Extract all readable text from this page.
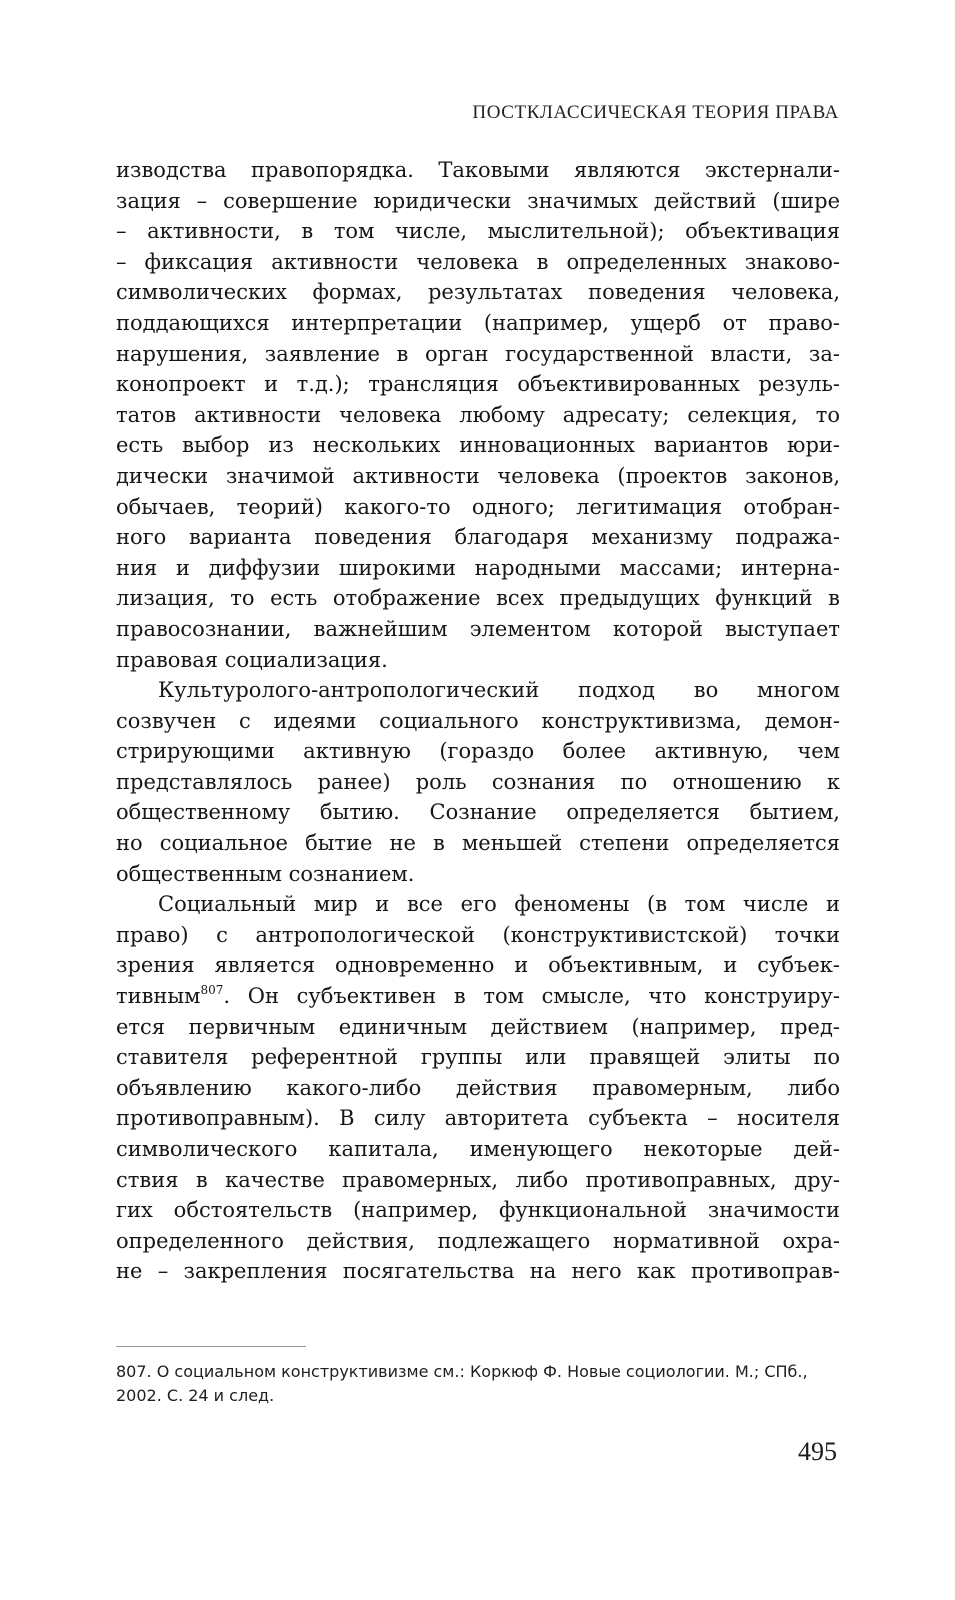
ПОСТКЛАССИЧЕСКАЯ ТЕОРИЯ ПРАВА
изводства правопорядка. Таковыми являются экстернали-
зация – совершение юридически значимых действий (шире
– активности, в том числе, мыслительной); объективация
– фиксация активности человека в определенных знаково-
символических формах, результатах поведения человека,
поддающихся интерпретации (например, ущерб от право-
нарушения, заявление в орган государственной власти, за-
конопроект и т.д.); трансляция объективированных резуль-
татов активности человека любому адресату; селекция, то
есть выбор из нескольких инновационных вариантов юри-
дически значимой активности человека (проектов законов,
обычаев, теорий) какого-то одного; легитимация отобран-
ного варианта поведения благодаря механизму подража-
ния и диффузии широкими народными массами; интерна-
лизация, то есть отображение всех предыдущих функций в
правосознании, важнейшим элементом которой выступает
правовая социализация.
Культуролого-антропологический подход во многом
созвучен с идеями социального конструктивизма, демон-
стрирующими активную (гораздо более активную, чем
представлялось ранее) роль сознания по отношению к
общественному бытию. Сознание определяется бытием,
но социальное бытие не в меньшей степени определяется
общественным сознанием.
Социальный мир и все его феномены (в том числе и
право) с антропологической (конструктивистской) точки
зрения является одновременно и объективным, и субъек-
тивным$^{807}$. Он субъективен в том смысле, что конструиру-
ется первичным единичным действием (например, пред-
ставителя референтной группы или правящей элиты по
объявлению какого-либо действия правомерным, либо
противоправным). В силу авторитета субъекта – носителя
символического капитала, именующего некоторые дей-
ствия в качестве правомерных, либо противоправных, дру-
гих обстоятельств (например, функциональной значимости
определенного действия, подлежащего нормативной охра-
не – закрепления посягательства на него как противоправ-
807. О социальном конструктивизме см.: Коркюф Ф. Новые социологии. М.; СПб.,
2002. С. 24 и след.
495
